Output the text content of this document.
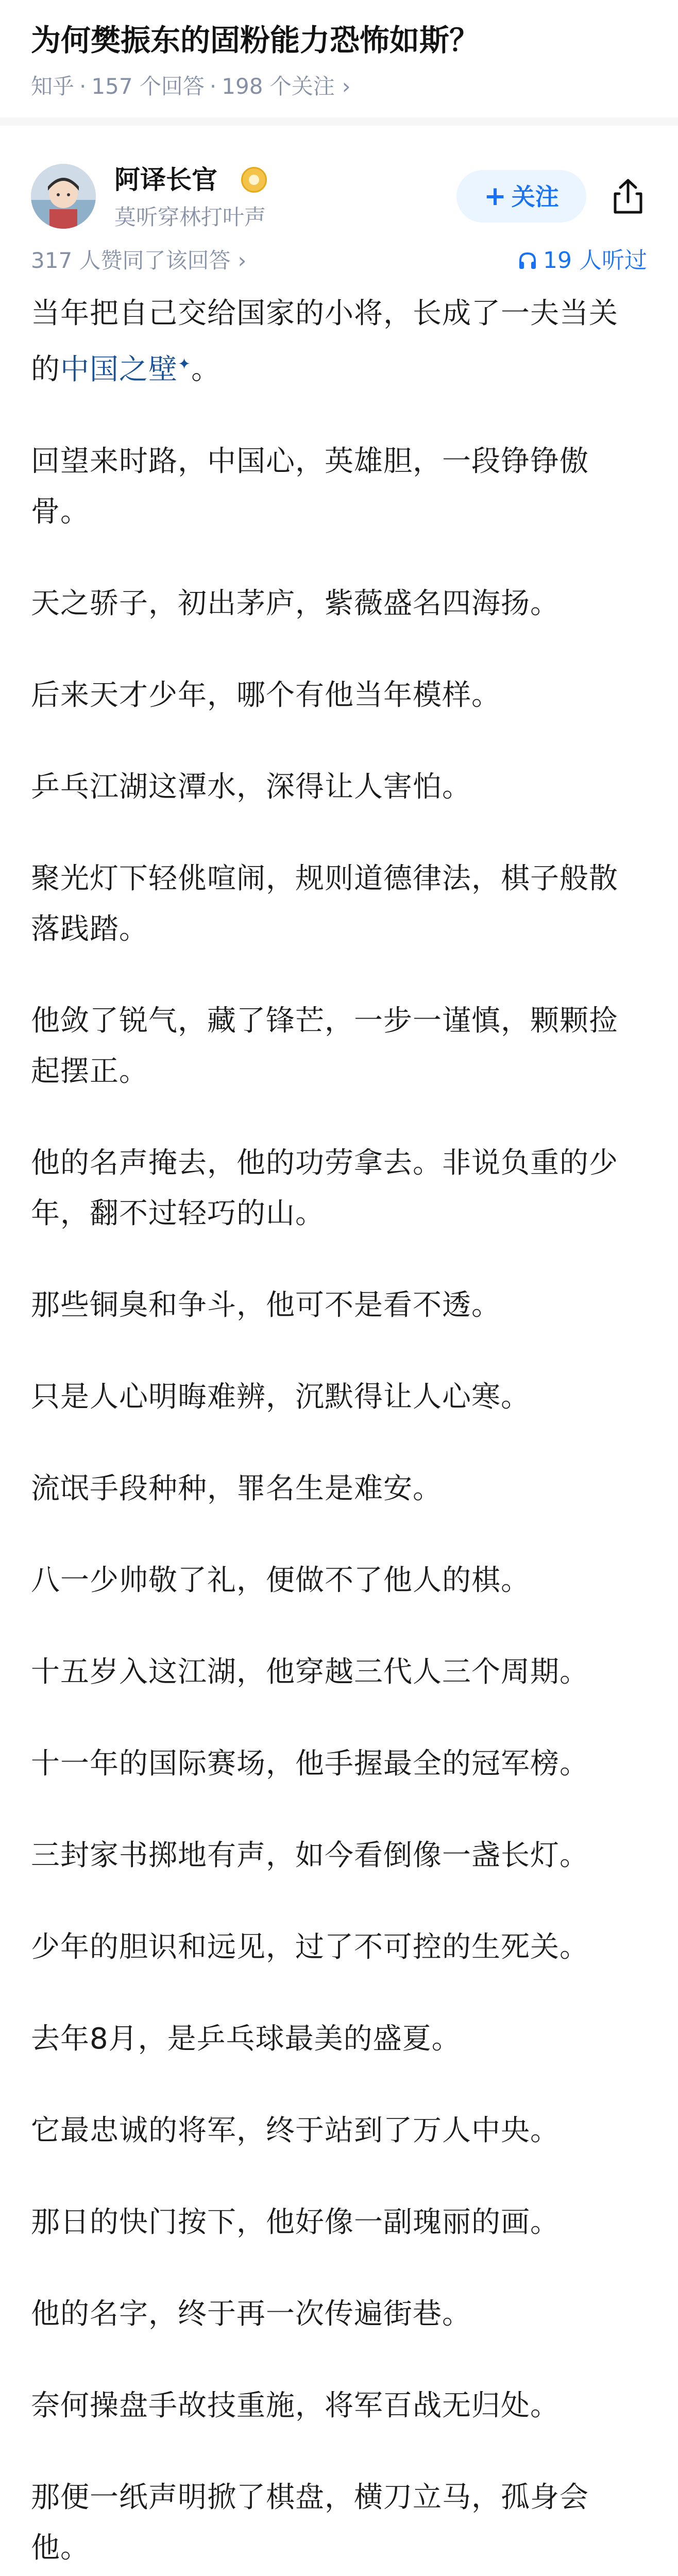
为何樊振东的固粉能力恐怖如斯？
知乎 · 157 个回答 · 198 个关注 ›
阿译长官
莫听穿林打叶声
+ 关注
317 人赞同了该回答 ›	19 人听过

当年把自己交给国家的小将，长成了一夫当关的中国之壁✦。

回望来时路，中国心，英雄胆，一段铮铮傲骨。

天之骄子，初出茅庐，紫薇盛名四海扬。

后来天才少年，哪个有他当年模样。

乒乓江湖这潭水，深得让人害怕。

聚光灯下轻佻喧闹，规则道德律法，棋子般散落践踏。

他敛了锐气，藏了锋芒，一步一谨慎，颗颗捡起摆正。

他的名声掩去，他的功劳拿去。非说负重的少年，翻不过轻巧的山。

那些铜臭和争斗，他可不是看不透。

只是人心明晦难辨，沉默得让人心寒。

流氓手段种种，罪名生是难安。

八一少帅敬了礼，便做不了他人的棋。

十五岁入这江湖，他穿越三代人三个周期。

十一年的国际赛场，他手握最全的冠军榜。

三封家书掷地有声，如今看倒像一盏长灯。

少年的胆识和远见，过了不可控的生死关。

去年8月，是乒乓球最美的盛夏。

它最忠诚的将军，终于站到了万人中央。

那日的快门按下，他好像一副瑰丽的画。

他的名字，终于再一次传遍街巷。

奈何操盘手故技重施，将军百战无归处。

那便一纸声明掀了棋盘，横刀立马，孤身会他。
